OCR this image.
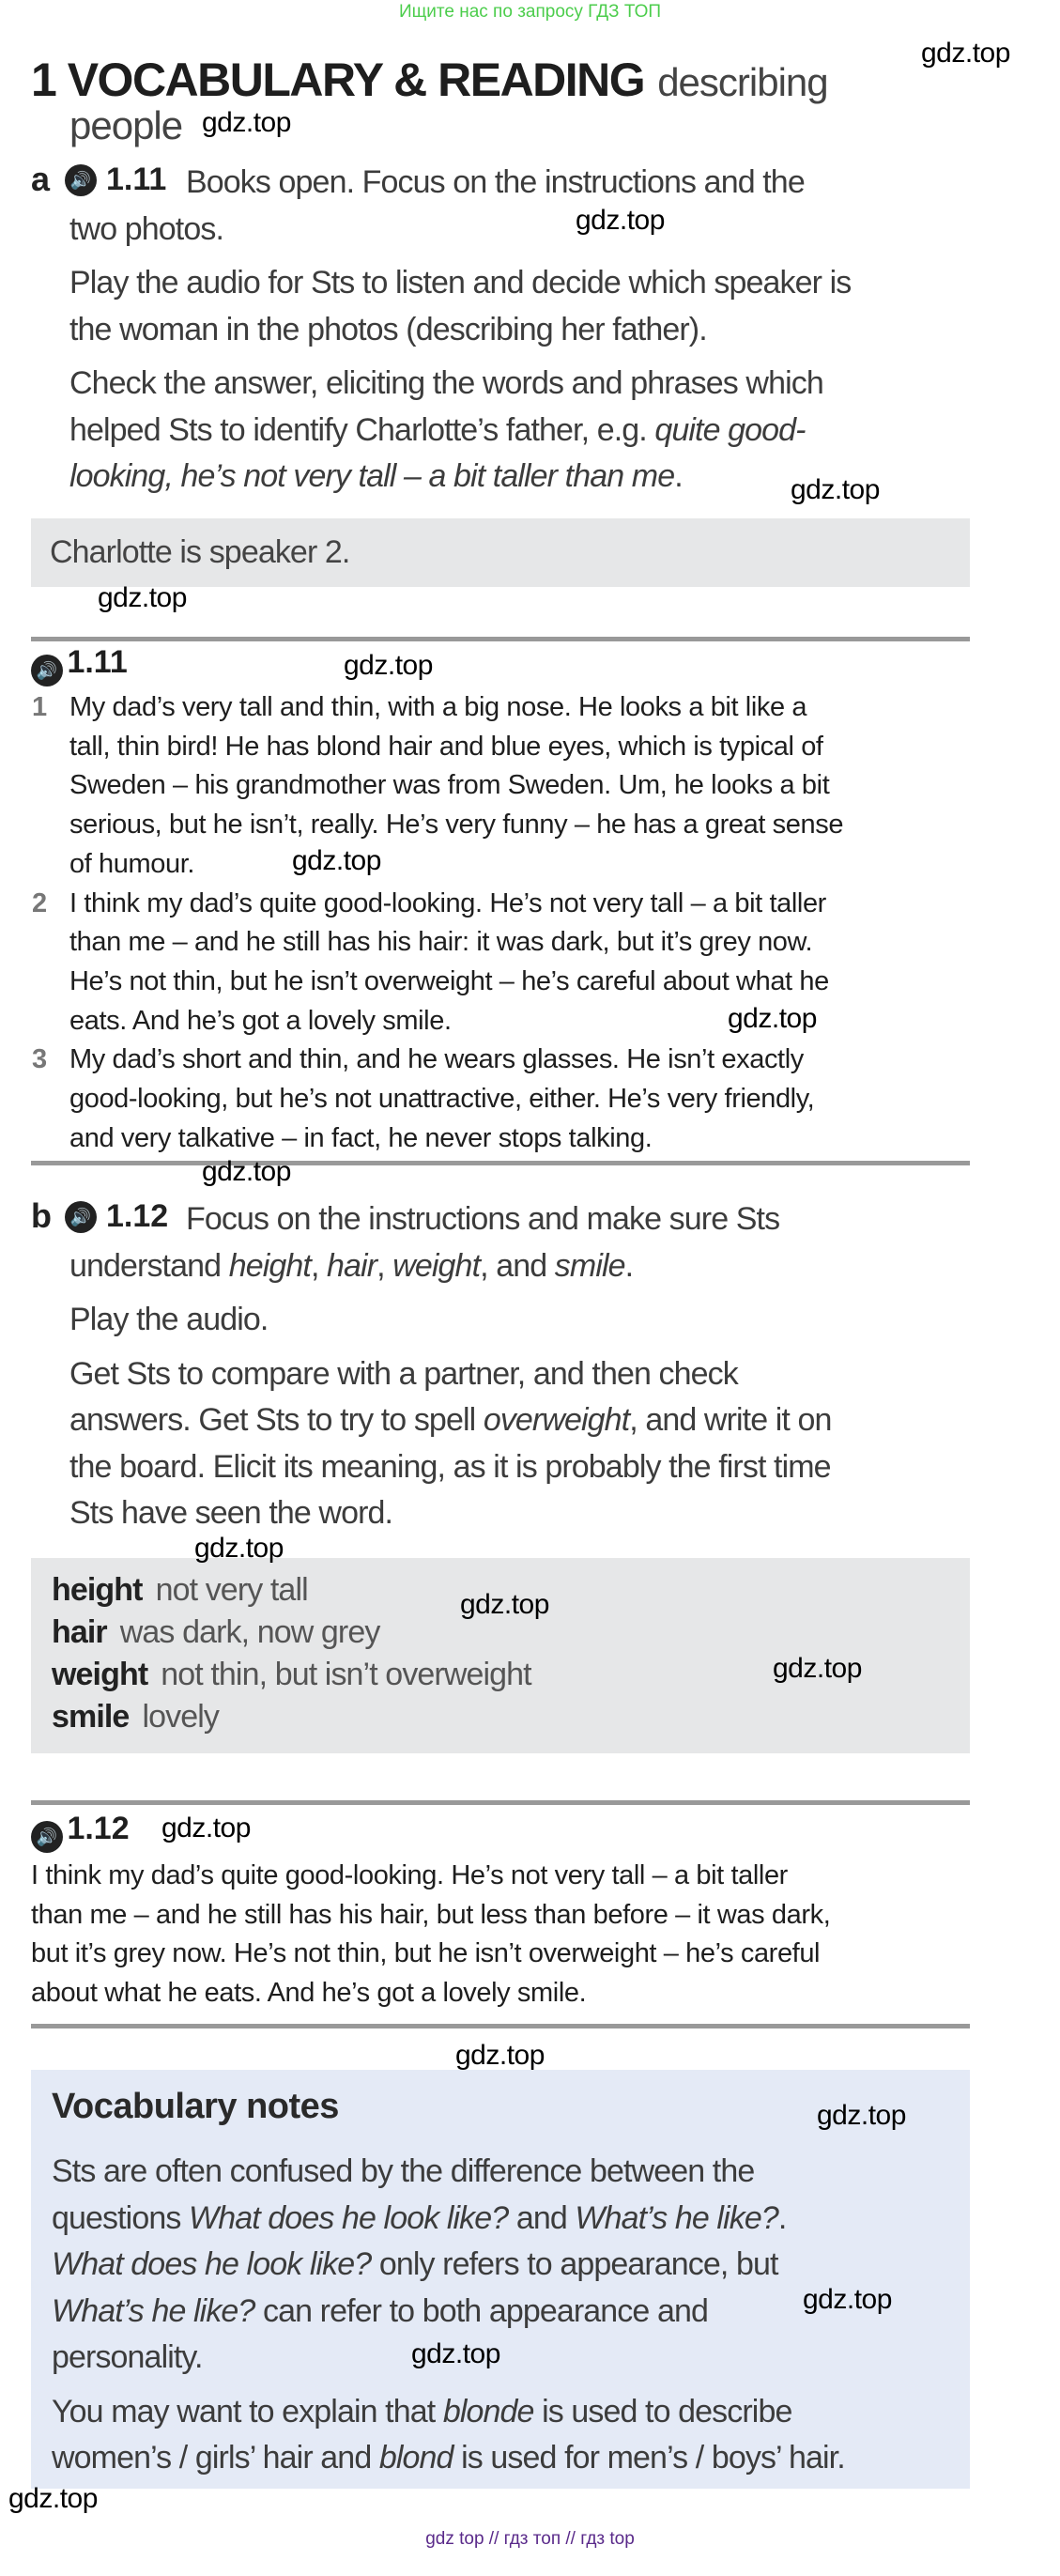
Ищите нас по запросу ГДЗ ТОП
1 VOCABULARY & READING describing
people
a	🔊 1.11 Books open. Focus on the instructions and the
two photos.

Play the audio for Sts to listen and decide which speaker is
the woman in the photos (describing her father).

Check the answer, eliciting the words and phrases which
helped Sts to identify Charlotte’s father, e.g. quite good-
looking, he’s not very tall – a bit taller than me.

Charlotte is speaker 2.
🔊 1.11
1 My dad’s very tall and thin, with a big nose. He looks a bit like a
tall, thin bird! He has blond hair and blue eyes, which is typical of
Sweden – his grandmother was from Sweden. Um, he looks a bit
serious, but he isn’t, really. He’s very funny – he has a great sense
of humour.
2 I think my dad’s quite good-looking. He’s not very tall – a bit taller
than me – and he still has his hair: it was dark, but it’s grey now.
He’s not thin, but he isn’t overweight – he’s careful about what he
eats. And he’s got a lovely smile.
3 My dad’s short and thin, and he wears glasses. He isn’t exactly
good-looking, but he’s not unattractive, either. He’s very friendly,
and very talkative – in fact, he never stops talking.
b	🔊 1.12 Focus on the instructions and make sure Sts
understand height, hair, weight, and smile.

Play the audio.

Get Sts to compare with a partner, and then check
answers. Get Sts to try to spell overweight, and write it on
the board. Elicit its meaning, as it is probably the first time
Sts have seen the word.

height not very tall
hair was dark, now grey
weight not thin, but isn’t overweight
smile lovely
🔊 1.12
I think my dad’s quite good-looking. He’s not very tall – a bit taller
than me – and he still has his hair, but less than before – it was dark,
but it’s grey now. He’s not thin, but he isn’t overweight – he’s careful
about what he eats. And he’s got a lovely smile.
Vocabulary notes

Sts are often confused by the difference between the
questions What does he look like? and What’s he like?.
What does he look like? only refers to appearance, but
What’s he like? can refer to both appearance and
personality.

You may want to explain that blonde is used to describe
women’s / girls’ hair and blond is used for men’s / boys’ hair.

gdz.top
gdz.top
gdz.top
gdz.top
gdz.top
gdz.top
gdz.top
gdz.top
gdz.top
gdz.top
gdz.top
gdz.top
gdz.top
gdz.top
gdz.top
gdz.top
gdz.top
gdz.top
gdz top // гдз топ // гдз top
